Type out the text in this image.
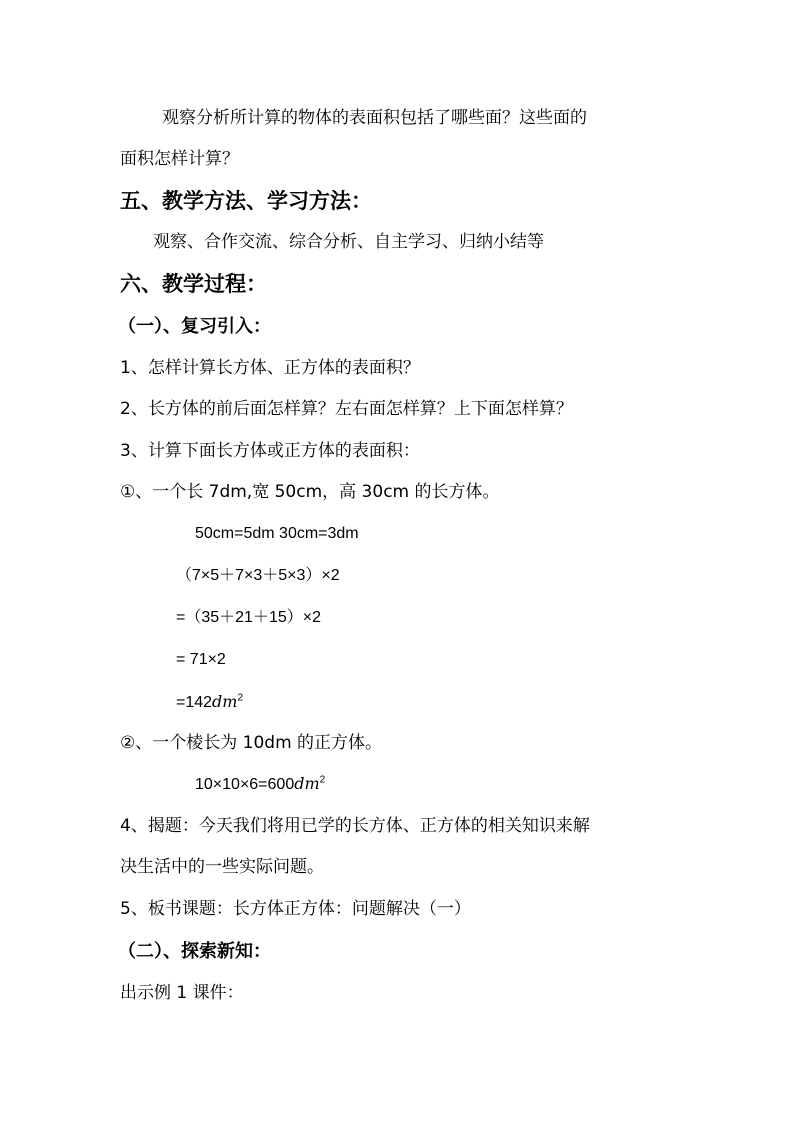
观察分析所计算的物体的表面积包括了哪些面？这些面的
面积怎样计算？
五、教学方法、学习方法：
观察、合作交流、综合分析、自主学习、归纳小结等
六、教学过程：
（一）、复习引入：
1、怎样计算长方体、正方体的表面积？
2、长方体的前后面怎样算？左右面怎样算？上下面怎样算？
3、计算下面长方体或正方体的表面积：
①、一个长 7dm,宽 50cm，高 30cm 的长方体。
50cm=5dm 30cm=3dm
（7×5＋7×3＋5×3）×2
=（35＋21＋15）×2
= 71×2
$=142dm^2$
②、一个棱长为 10dm 的正方体。
$10\times 10\times 6=600dm^2$
4、揭题：今天我们将用已学的长方体、正方体的相关知识来解
决生活中的一些实际问题。
5、板书课题：长方体正方体：问题解决（一）
（二）、探索新知：
出示例 1 课件：
